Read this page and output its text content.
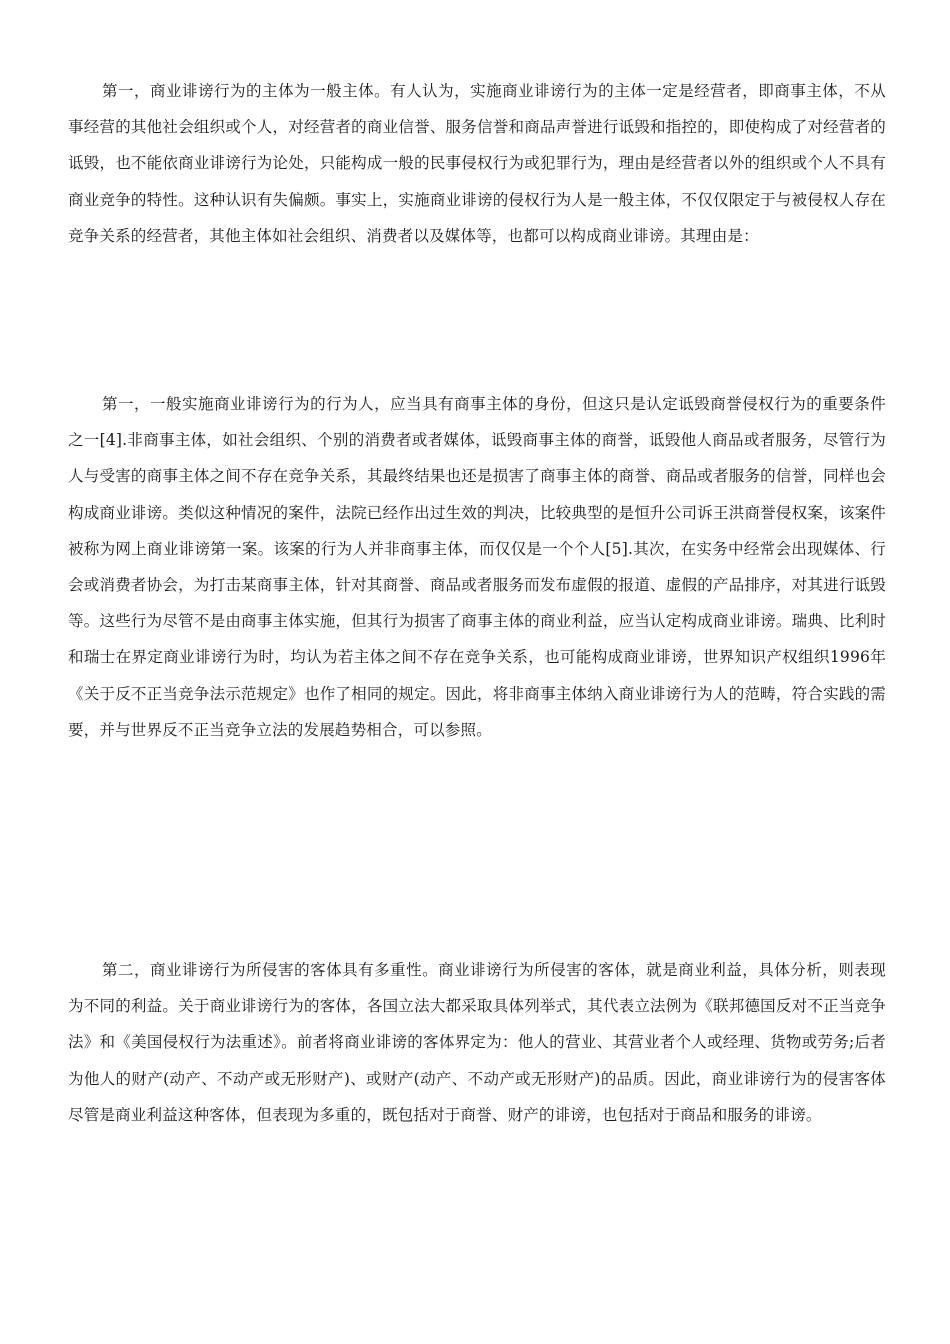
第一，商业诽谤行为的主体为一般主体。有人认为，实施商业诽谤行为的主体一定是经营者，即商事主体，不从事经营的其他社会组织或个人，对经营者的商业信誉、服务信誉和商品声誉进行诋毁和指控的，即使构成了对经营者的诋毁，也不能依商业诽谤行为论处，只能构成一般的民事侵权行为或犯罪行为，理由是经营者以外的组织或个人不具有商业竞争的特性。这种认识有失偏颇。事实上，实施商业诽谤的侵权行为人是一般主体，不仅仅限定于与被侵权人存在竞争关系的经营者，其他主体如社会组织、消费者以及媒体等，也都可以构成商业诽谤。其理由是：

第一，一般实施商业诽谤行为的行为人，应当具有商事主体的身份，但这只是认定诋毁商誉侵权行为的重要条件之一[4].非商事主体，如社会组织、个别的消费者或者媒体，诋毁商事主体的商誉，诋毁他人商品或者服务，尽管行为人与受害的商事主体之间不存在竞争关系，其最终结果也还是损害了商事主体的商誉、商品或者服务的信誉，同样也会构成商业诽谤。类似这种情况的案件，法院已经作出过生效的判决，比较典型的是恒升公司诉王洪商誉侵权案，该案件被称为网上商业诽谤第一案。该案的行为人并非商事主体，而仅仅是一个个人[5].其次，在实务中经常会出现媒体、行会或消费者协会，为打击某商事主体，针对其商誉、商品或者服务而发布虚假的报道、虚假的产品排序，对其进行诋毁等。这些行为尽管不是由商事主体实施，但其行为损害了商事主体的商业利益，应当认定构成商业诽谤。瑞典、比利时和瑞士在界定商业诽谤行为时，均认为若主体之间不存在竞争关系，也可能构成商业诽谤，世界知识产权组织1996年《关于反不正当竞争法示范规定》也作了相同的规定。因此，将非商事主体纳入商业诽谤行为人的范畴，符合实践的需要，并与世界反不正当竞争立法的发展趋势相合，可以参照。

第二，商业诽谤行为所侵害的客体具有多重性。商业诽谤行为所侵害的客体，就是商业利益，具体分析，则表现为不同的利益。关于商业诽谤行为的客体，各国立法大都采取具体列举式，其代表立法例为《联邦德国反对不正当竞争法》和《美国侵权行为法重述》。前者将商业诽谤的客体界定为：他人的营业、其营业者个人或经理、货物或劳务;后者为他人的财产(动产、不动产或无形财产)、或财产(动产、不动产或无形财产)的品质。因此，商业诽谤行为的侵害客体尽管是商业利益这种客体，但表现为多重的，既包括对于商誉、财产的诽谤，也包括对于商品和服务的诽谤。
